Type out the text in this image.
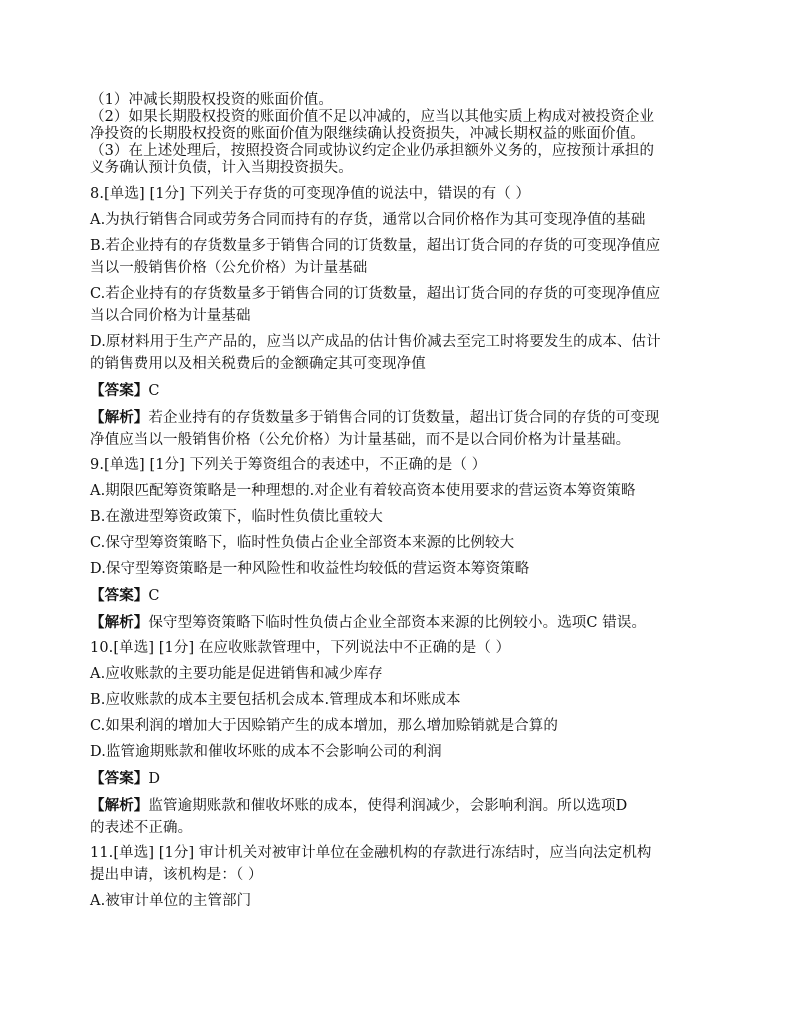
（1）冲减长期股权投资的账面价值。
（2）如果长期股权投资的账面价值不足以冲减的，应当以其他实质上构成对被投资企业
净投资的长期股权投资的账面价值为限继续确认投资损失，冲减长期权益的账面价值。
（3）在上述处理后，按照投资合同或协议约定企业仍承担额外义务的，应按预计承担的
义务确认预计负债，计入当期投资损失。
8.[单选] [1分] 下列关于存货的可变现净值的说法中，错误的有（ ）
A.为执行销售合同或劳务合同而持有的存货，通常以合同价格作为其可变现净值的基础
B.若企业持有的存货数量多于销售合同的订货数量，超出订货合同的存货的可变现净值应
当以一般销售价格（公允价格）为计量基础
C.若企业持有的存货数量多于销售合同的订货数量，超出订货合同的存货的可变现净值应
当以合同价格为计量基础
D.原材料用于生产产品的，应当以产成品的估计售价减去至完工时将要发生的成本、估计
的销售费用以及相关税费后的金额确定其可变现净值
【答案】C
【解析】若企业持有的存货数量多于销售合同的订货数量，超出订货合同的存货的可变现
净值应当以一般销售价格（公允价格）为计量基础，而不是以合同价格为计量基础。
9.[单选] [1分] 下列关于筹资组合的表述中，不正确的是（ ）
A.期限匹配筹资策略是一种理想的.对企业有着较高资本使用要求的营运资本筹资策略
B.在激进型筹资政策下，临时性负债比重较大
C.保守型筹资策略下，临时性负债占企业全部资本来源的比例较大
D.保守型筹资策略是一种风险性和收益性均较低的营运资本筹资策略
【答案】C
【解析】保守型筹资策略下临时性负债占企业全部资本来源的比例较小。选项C 错误。
10.[单选] [1分] 在应收账款管理中，下列说法中不正确的是（ ）
A.应收账款的主要功能是促进销售和减少库存
B.应收账款的成本主要包括机会成本.管理成本和坏账成本
C.如果利润的增加大于因赊销产生的成本增加，那么增加赊销就是合算的
D.监管逾期账款和催收坏账的成本不会影响公司的利润
【答案】D
【解析】监管逾期账款和催收坏账的成本，使得利润减少，会影响利润。所以选项D
的表述不正确。
11.[单选] [1分] 审计机关对被审计单位在金融机构的存款进行冻结时，应当向法定机构
提出申请，该机构是：（ ）
A.被审计单位的主管部门
